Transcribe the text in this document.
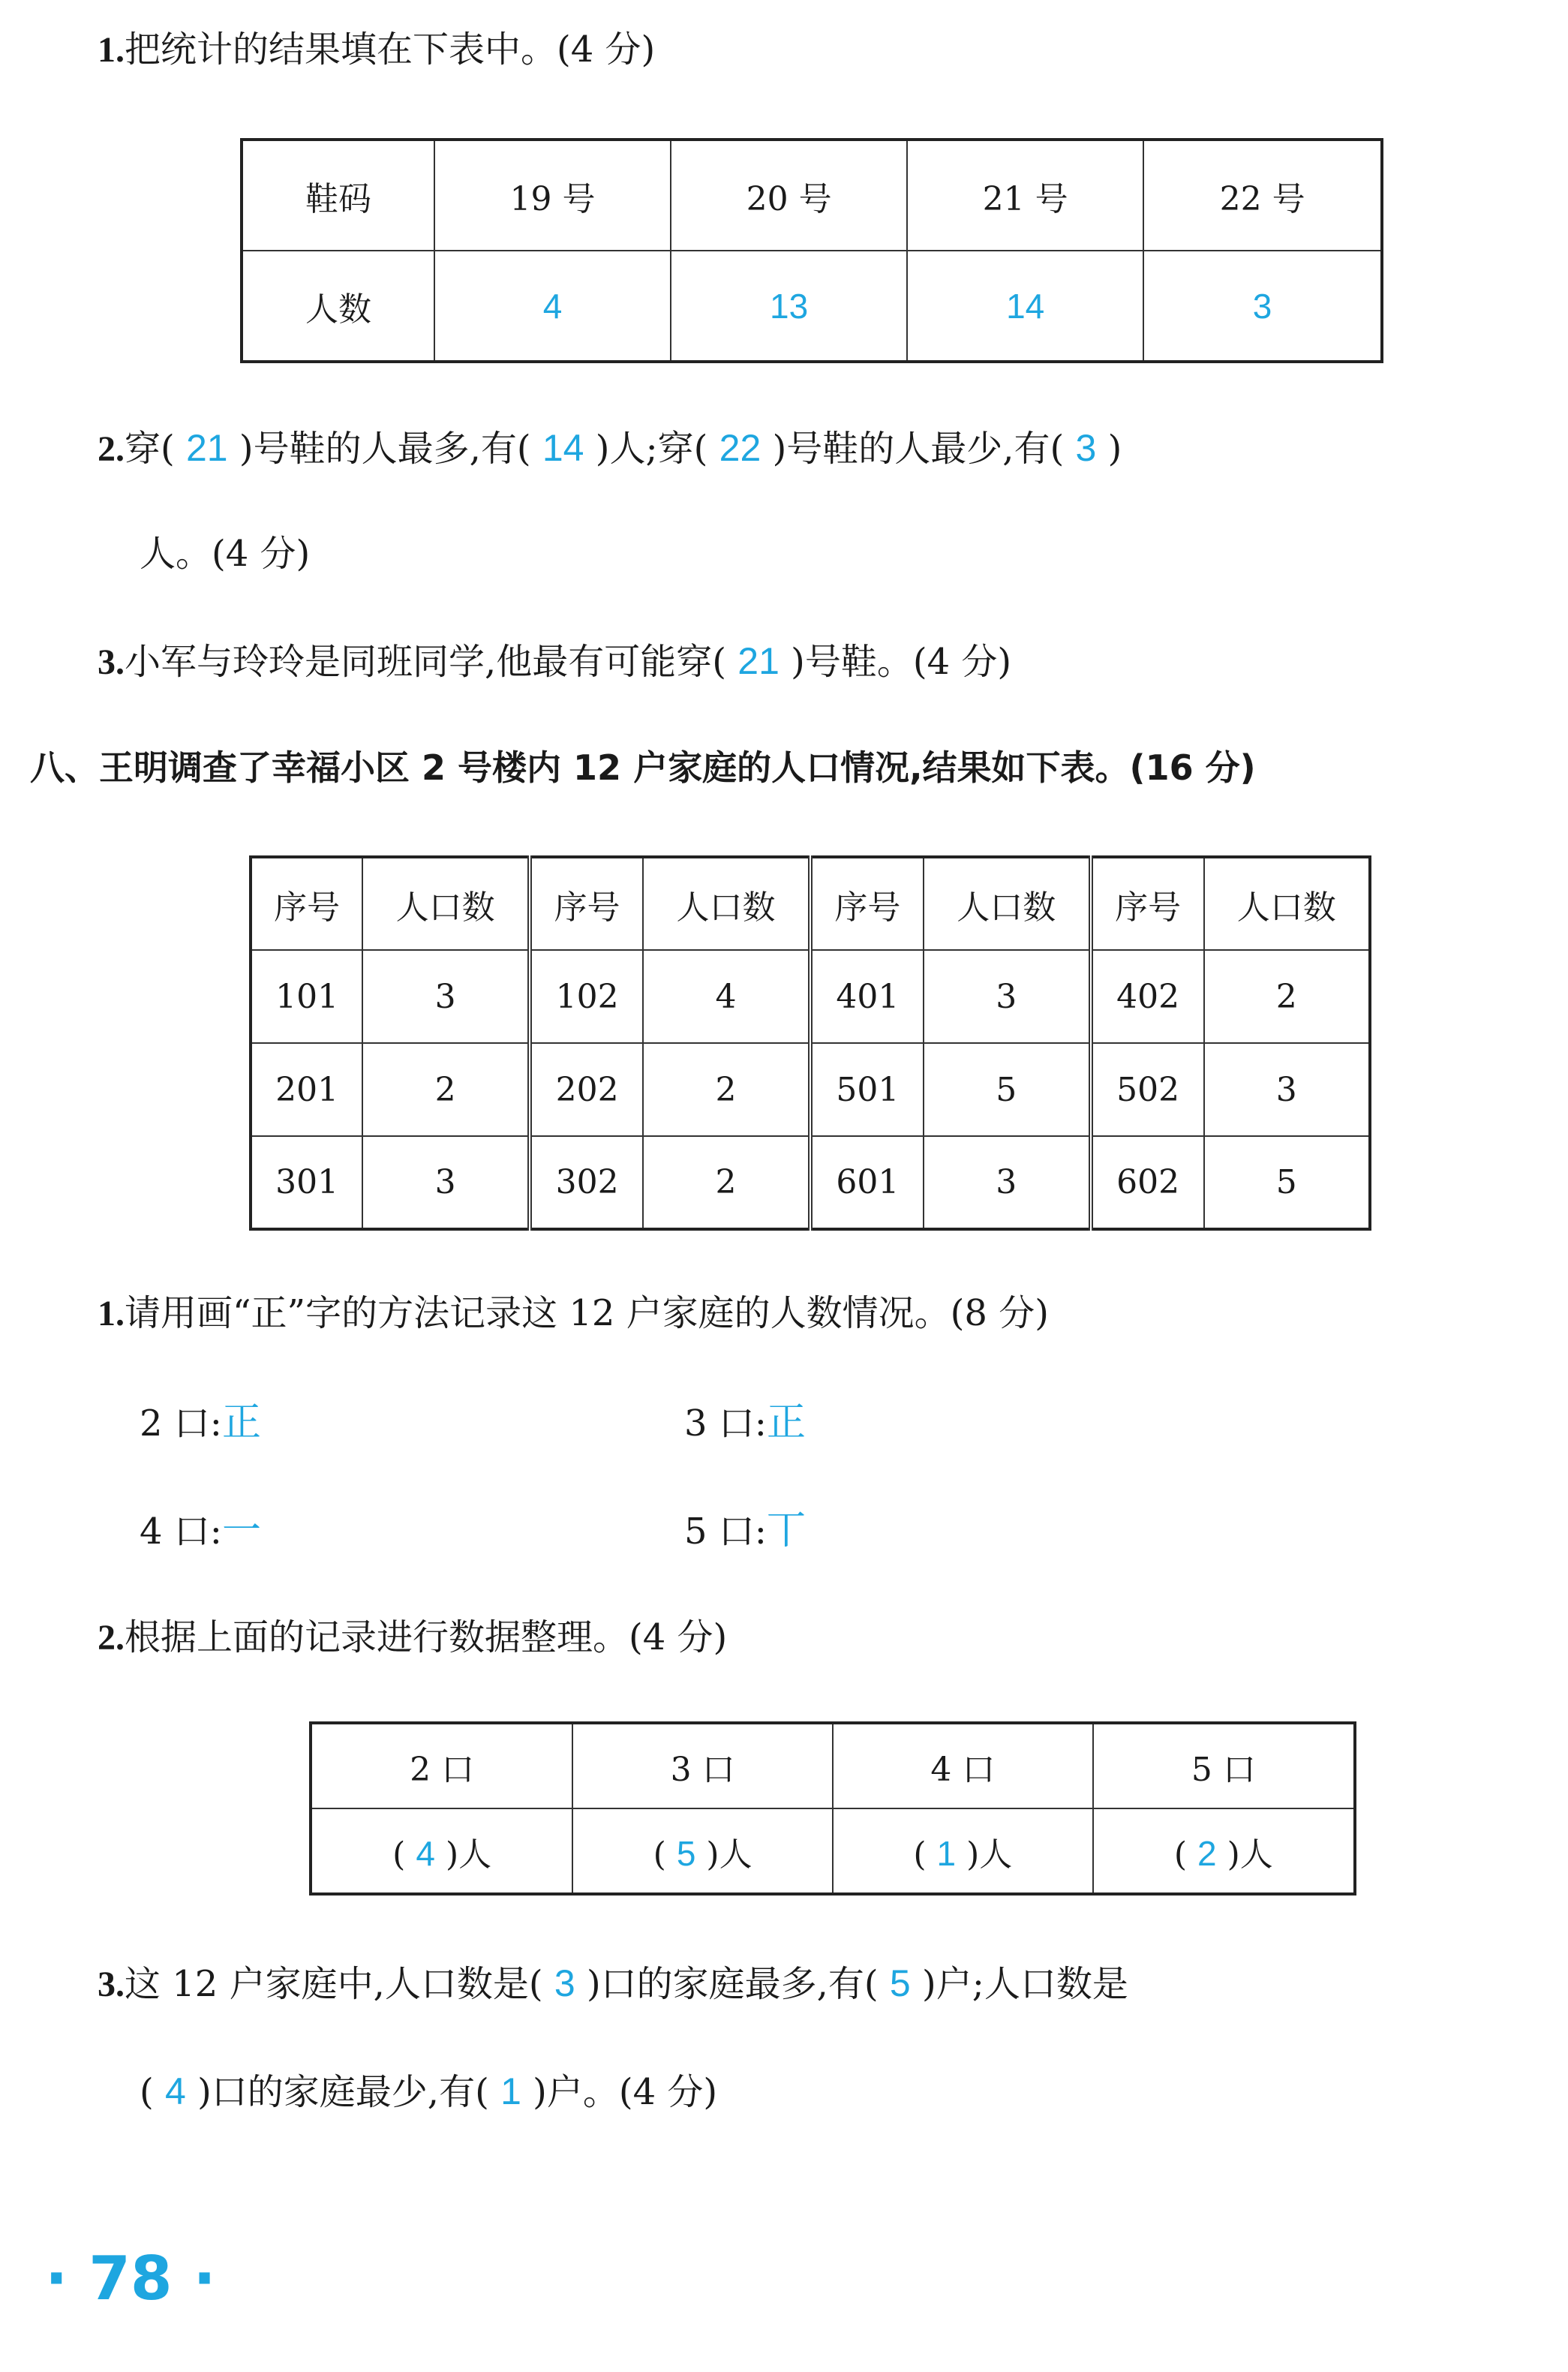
1.把统计的结果填在下表中。(4 分)
鞋码	19 号	20 号	21 号	22 号
人数	4	13	14	3
2.穿( 21 )号鞋的人最多,有( 14 )人;穿( 22 )号鞋的人最少,有( 3 )
人。(4 分)
3.小军与玲玲是同班同学,他最有可能穿( 21 )号鞋。(4 分)
八、王明调查了幸福小区 2 号楼内 12 户家庭的人口情况,结果如下表。(16 分)
序号	人口数	序号	人口数	序号	人口数	序号	人口数
101	3	102	4	401	3	402	2
201	2	202	2	501	5	502	3
301	3	302	2	601	3	602	5
1.请用画“正”字的方法记录这 12 户家庭的人数情况。(8 分)
2 口:正	3 口:正
4 口:一	5 口:丅
2.根据上面的记录进行数据整理。(4 分)
2 口	3 口	4 口	5 口
( 4 )人	( 5 )人	( 1 )人	( 2 )人
3.这 12 户家庭中,人口数是( 3 )口的家庭最多,有( 5 )户;人口数是
( 4 )口的家庭最少,有( 1 )户。(4 分)
· 78 ·
